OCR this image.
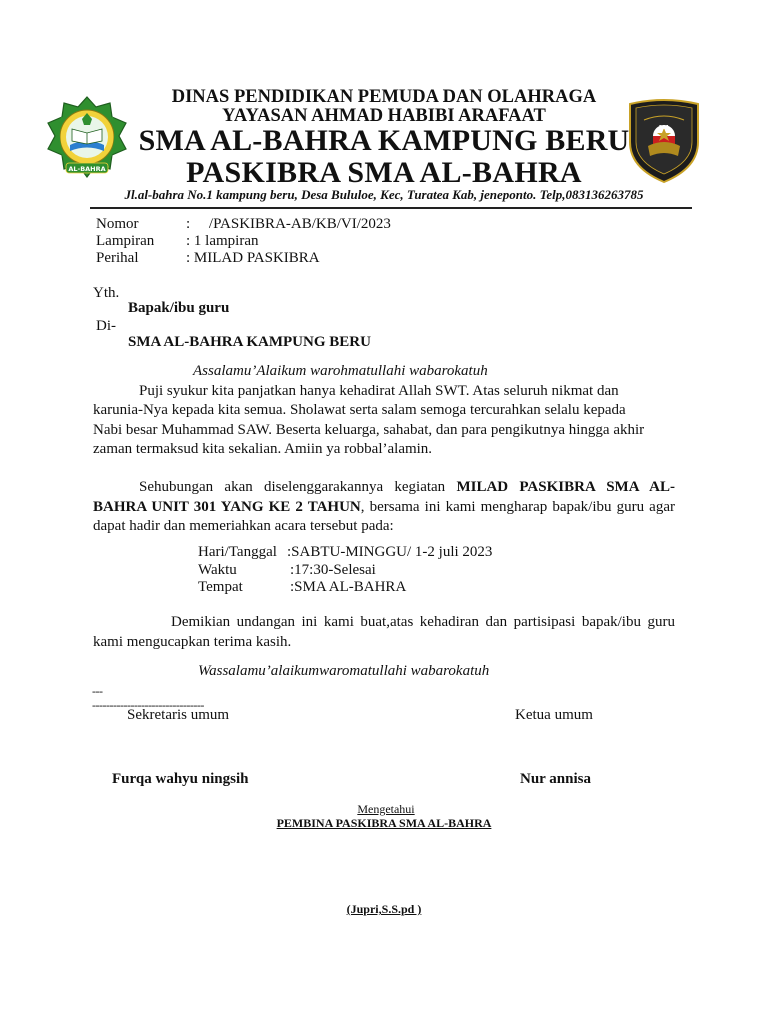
AL-BAHRA
301
DINAS PENDIDIKAN PEMUDA DAN OLAHRAGA
YAYASAN AHMAD HABIBI ARAFAAT
SMA AL-BAHRA KAMPUNG BERU
PASKIBRA SMA AL-BAHRA
Jl.al-bahra No.1 kampung beru, Desa Bululoe, Kec, Turatea Kab, jeneponto. Telp,083136263785
Nomor	:     /PASKIBRA-AB/KB/VI/2023
Lampiran : 1 lampiran
Perihal	: MILAD PASKIBRA
Yth.
Bapak/ibu guru
Di-
SMA AL-BAHRA KAMPUNG BERU
Assalamu’Alaikum warohmatullahi wabarokatuh
Puji syukur kita panjatkan hanya kehadirat Allah SWT. Atas seluruh nikmat dan
karunia-Nya kepada kita semua. Sholawat serta salam semoga tercurahkan selalu kepada
Nabi besar Muhammad SAW. Beserta keluarga, sahabat, dan para pengikutnya hingga akhir
zaman termaksud kita sekalian. Amiin ya robbal’alamin.
Sehubungan akan diselenggarakannya kegiatan MILAD PASKIBRA SMA AL-BAHRA UNIT 301 YANG KE 2 TAHUN, bersama ini kami mengharap bapak/ibu guru agar dapat hadir dan memeriahkan acara tersebut pada:
Hari/Tanggal :SABTU-MINGGU/ 1-2 juli 2023
Waktu	:17:30-Selesai
Tempat	:SMA AL-BAHRA
Demikian undangan ini kami buat,atas kehadiran dan partisipasi bapak/ibu guru kami mengucapkan terima kasih.
Wassalamu’alaikumwaromatullahi wabarokatuh
---
--------------------------------
Sekretaris umum	Ketua umum
Furqa wahyu ningsih	Nur annisa
Mengetahui
PEMBINA PASKIBRA SMA AL-BAHRA
(Jupri,S.S.pd )
